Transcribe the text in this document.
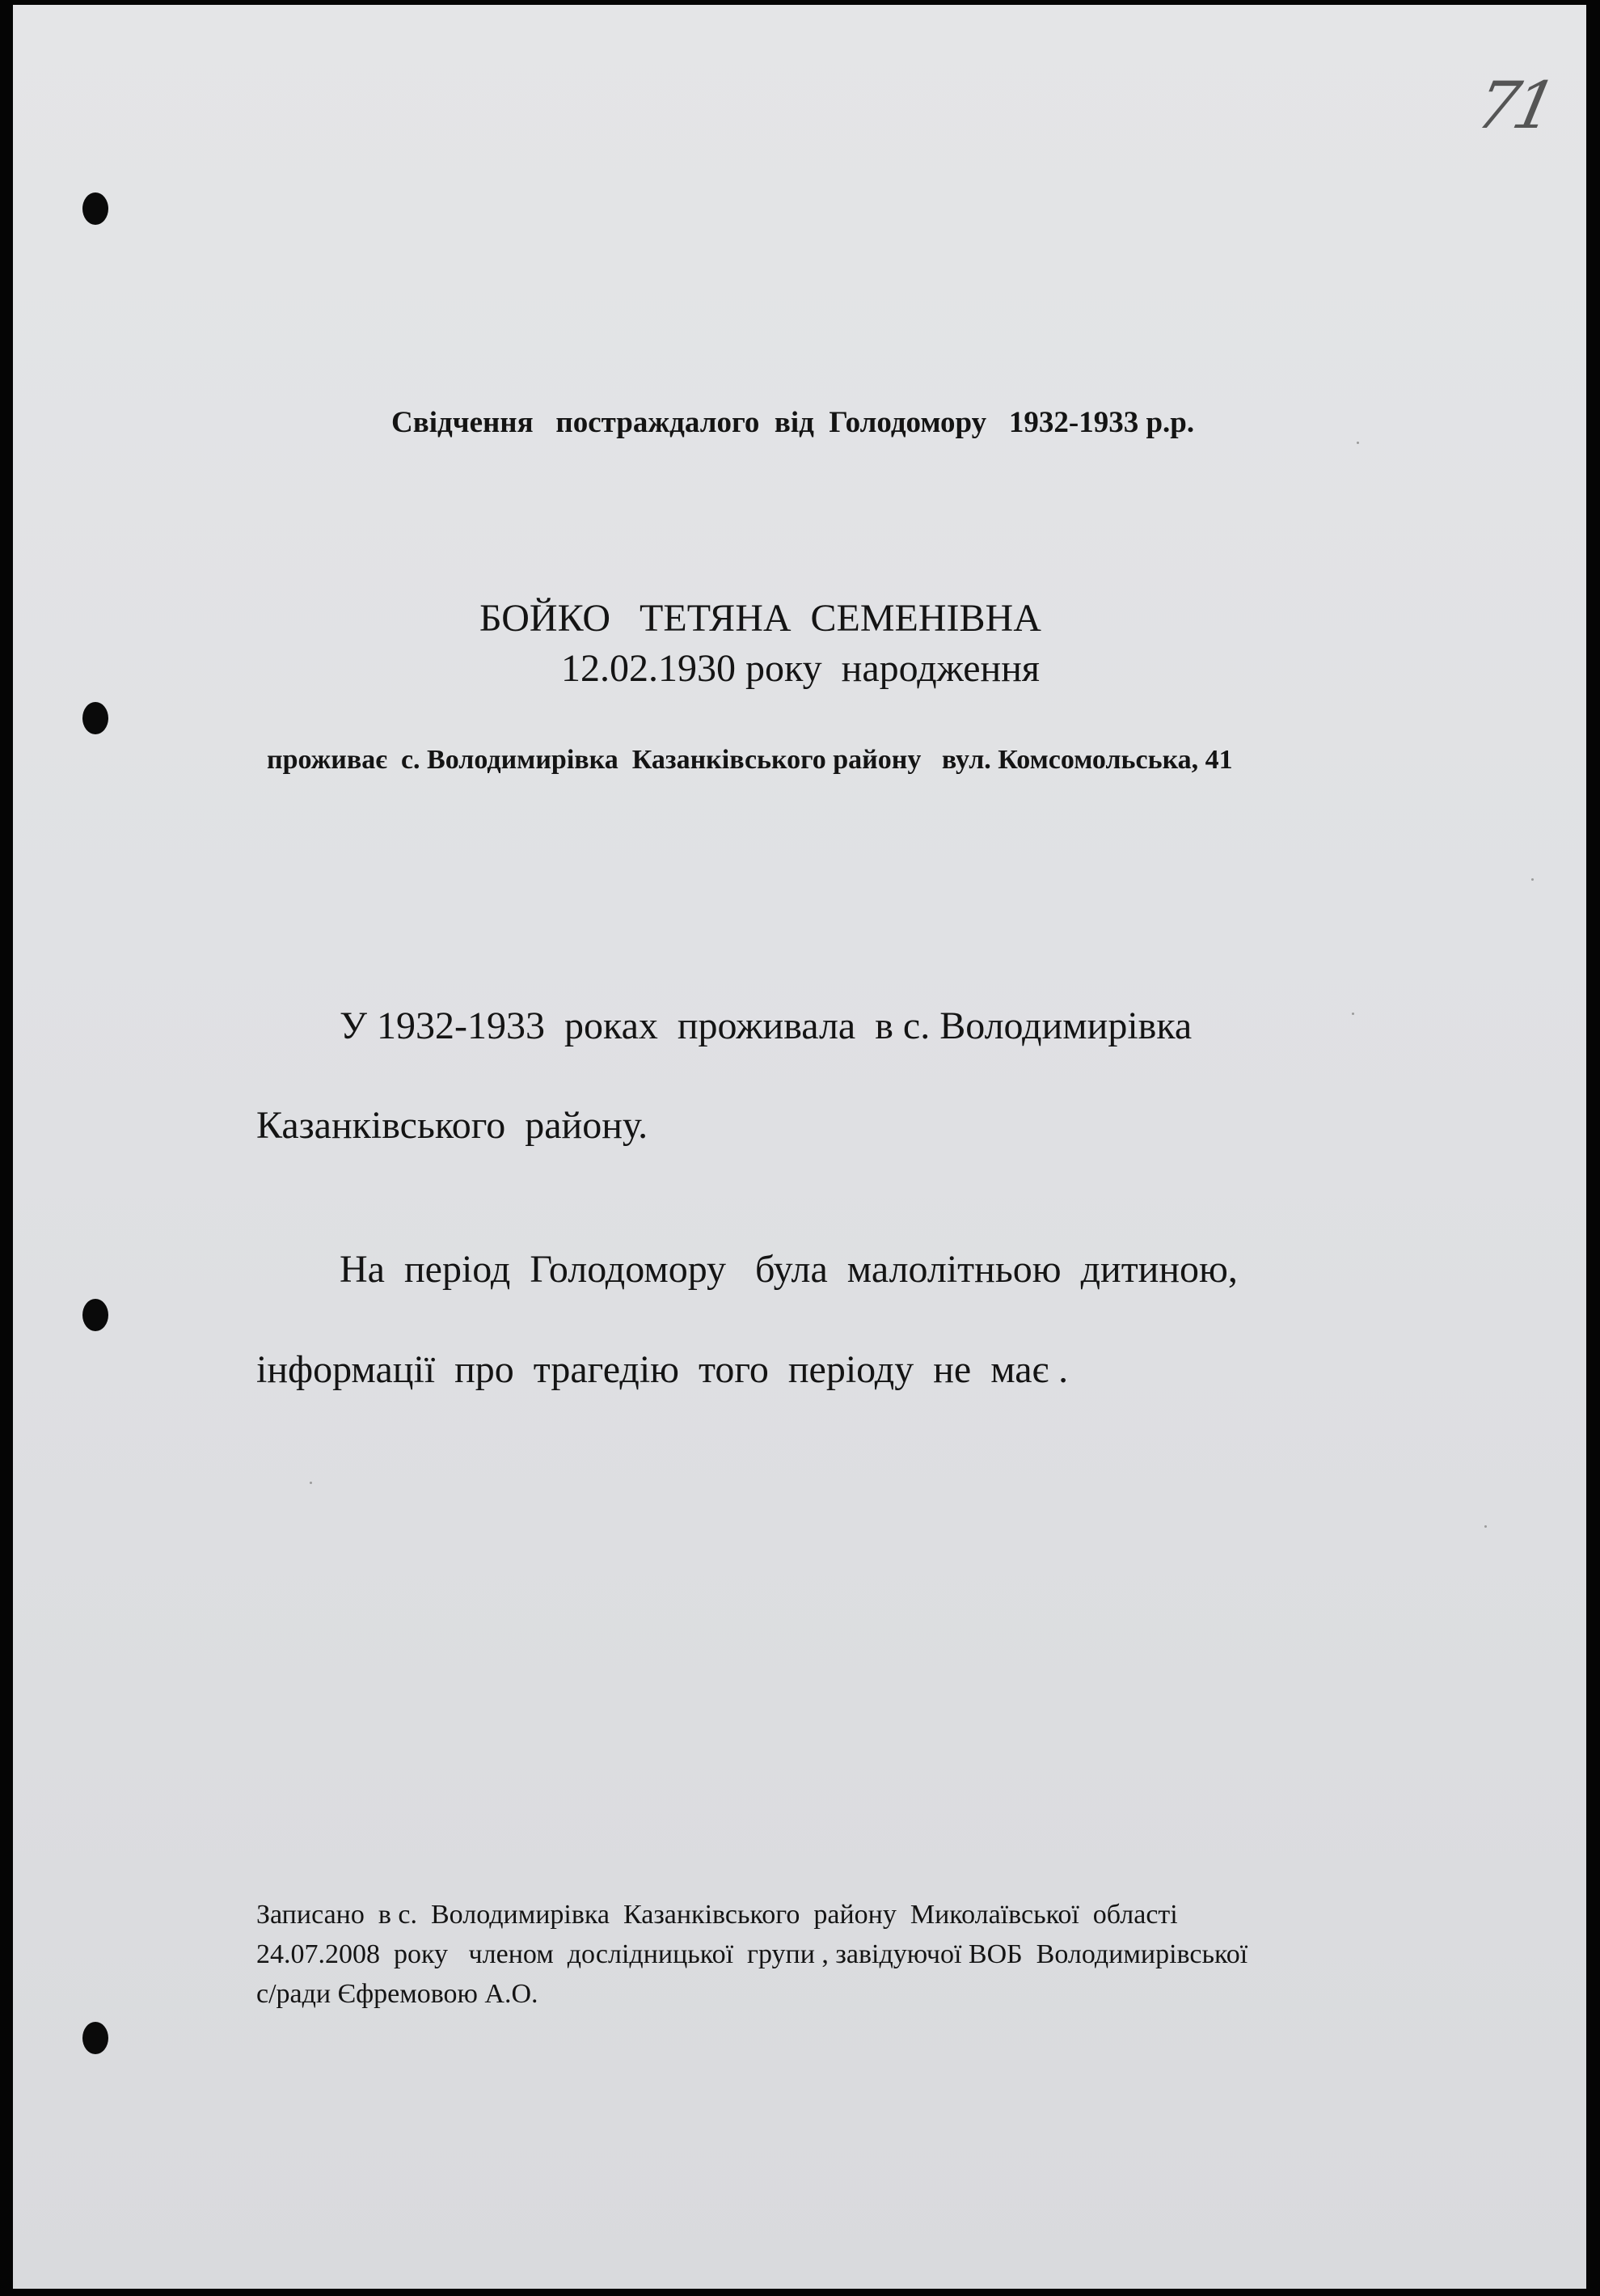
71
Свідчення   постраждалого  від  Голодомору   1932-1933 р.р.
БОЙКО   ТЕТЯНА  СЕМЕНІВНА
12.02.1930 року  народження
проживає  с. Володимирівка  Казанківського району   вул. Комсомольська, 41
У 1932-1933  роках  проживала  в с. Володимирівка
Казанківського  району.
На  період  Голодомору   була  малолітньою  дитиною,
інформації  про  трагедію  того  періоду  не  має .
Записано  в с.  Володимирівка  Казанківського  району  Миколаївської  області
24.07.2008  року   членом  дослідницької  групи , завідуючої ВОБ  Володимирівської
с/ради Єфремовою А.О.
